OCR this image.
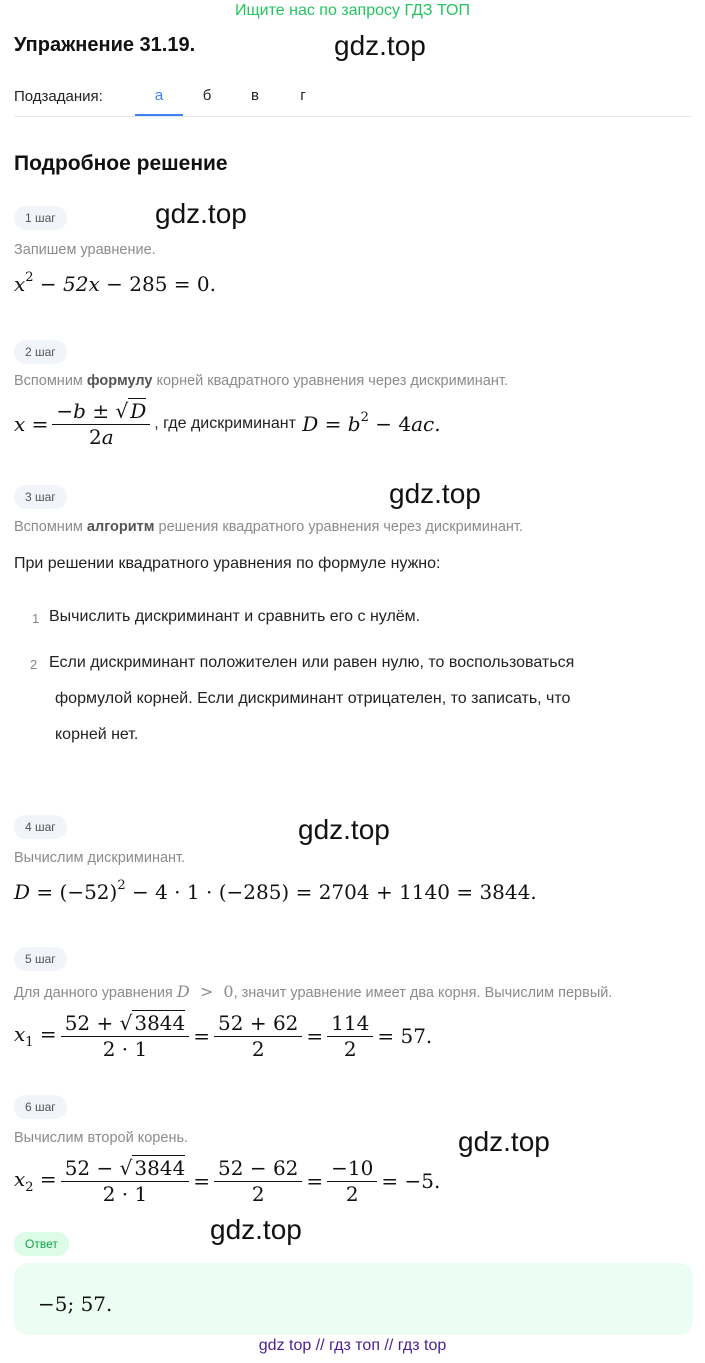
Ищите нас по запросу ГДЗ ТОП
Упражнение 31.19.	gdz.top
Подзадания:	а	б	в	г
Подробное решение
1 шаг	gdz.top
Запишем уравнение.
$x^2 - 52x - 285 = 0$.
2 шаг
Вспомним формулу корней квадратного уравнения через дискриминант.
$x = \frac{-b \pm √ D}{2a}$ , где дискриминант $D = b^2 - 4ac$.
3 шаг	gdz.top
Вспомним алгоритм решения квадратного уравнения через дискриминант.
При решении квадратного уравнения по формуле нужно:
1 Вычислить дискриминант и сравнить его с нулём.
2 Если дискриминант положителен или равен нулю, то воспользоваться
формулой корней. Если дискриминант отрицателен, то записать, что
корней нет.
4 шаг	gdz.top
Вычислим дискриминант.
$D = (-52)^2 - 4 \cdot 1 \cdot (-285) = 2704 + 1140 = 3844$.
5 шаг
Для данного уравнения D  >  0, значит уравнение имеет два корня. Вычислим первый.
$x_1 = \frac{52 + √ 3844}{2 \cdot 1} = \frac{52 + 62}{2} = \frac{114}{2} = 57$.
6 шаг
Вычислим второй корень.	gdz.top
$x_2 = \frac{52 - √ 3844}{2 \cdot 1} = \frac{52 - 62}{2} = \frac{-10}{2} = -5$.
Ответ	gdz.top
−5; 57.
gdz top // гдз топ // гдз top
